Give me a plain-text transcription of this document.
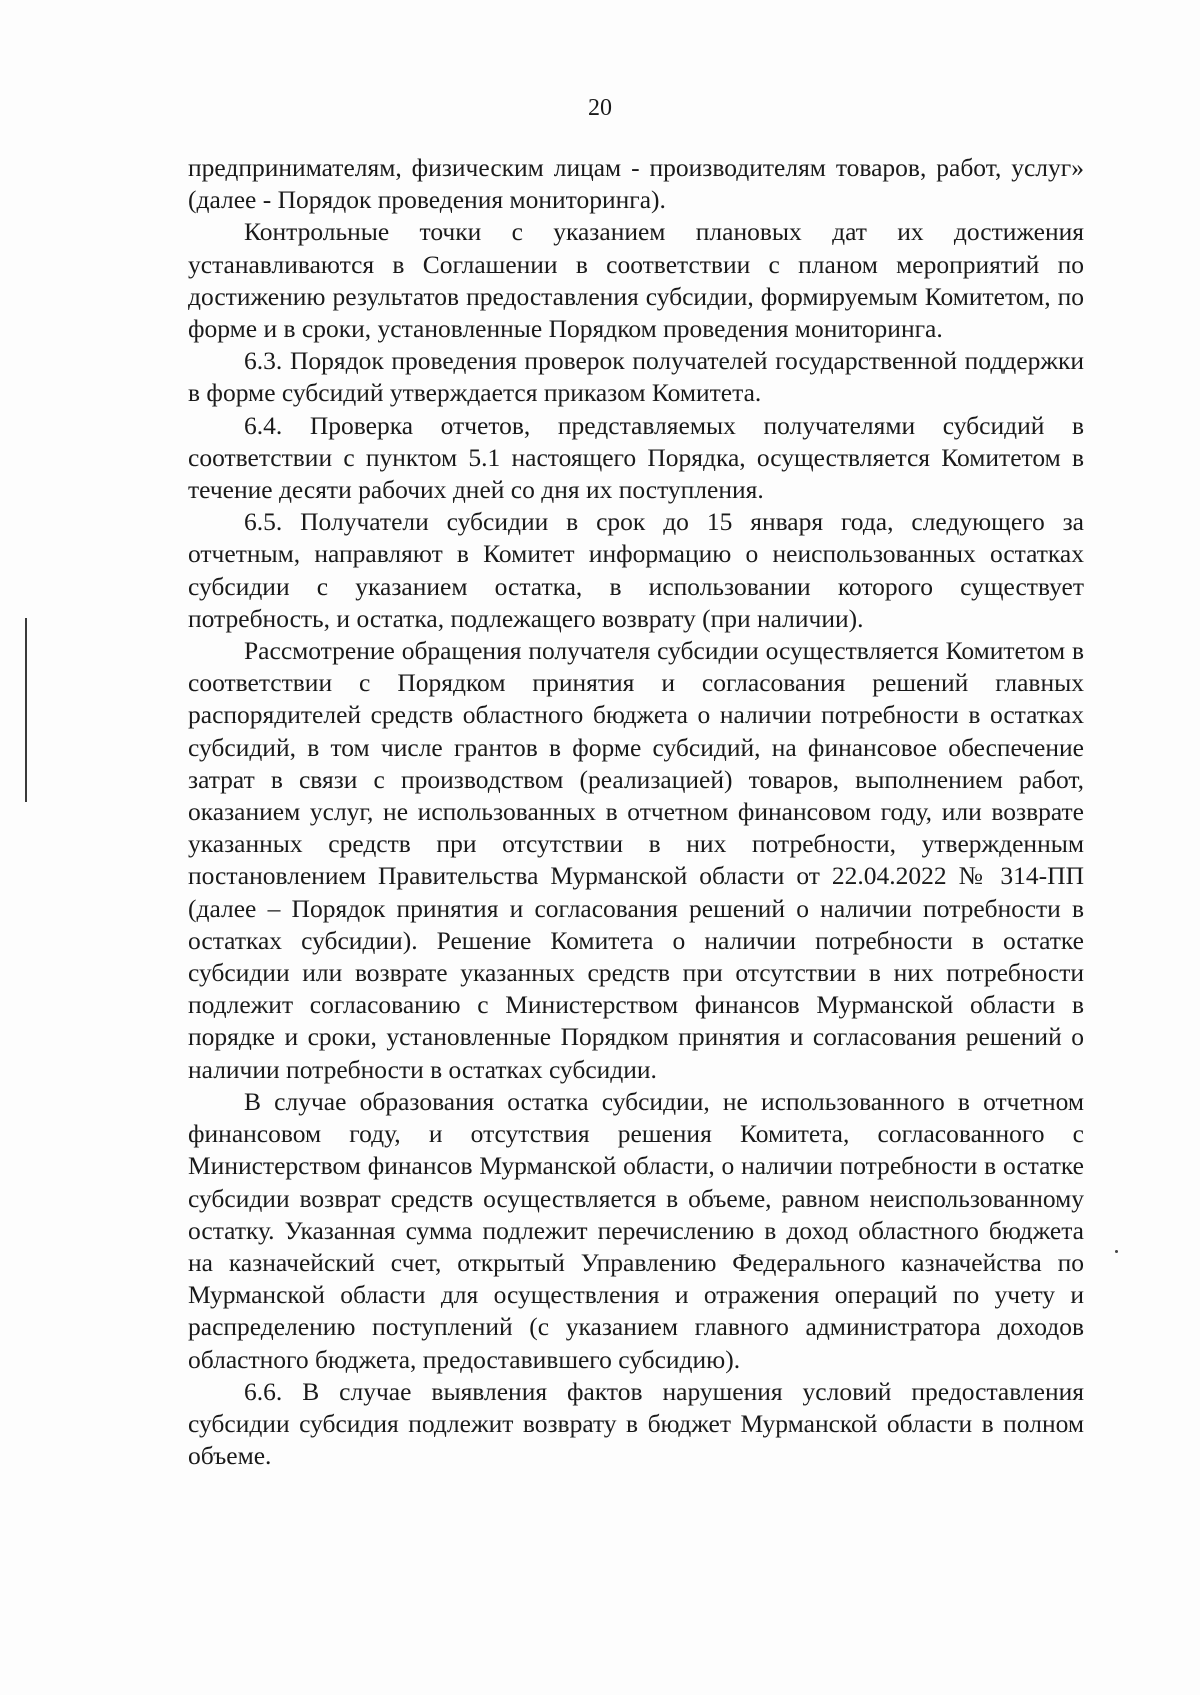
20

предпринимателям, физическим лицам - производителям товаров, работ, услуг» (далее - Порядок проведения мониторинга).

Контрольные точки с указанием плановых дат их достижения устанавливаются в Соглашении в соответствии с планом мероприятий по достижению результатов предоставления субсидии, формируемым Комитетом, по форме и в сроки, установленные Порядком проведения мониторинга.

6.3. Порядок проведения проверок получателей государственной поддержки в форме субсидий утверждается приказом Комитета.

6.4. Проверка отчетов, представляемых получателями субсидий в соответствии с пунктом 5.1 настоящего Порядка, осуществляется Комитетом в течение десяти рабочих дней со дня их поступления.

6.5. Получатели субсидии в срок до 15 января года, следующего за отчетным, направляют в Комитет информацию о неиспользованных остатках субсидии с указанием остатка, в использовании которого существует потребность, и остатка, подлежащего возврату (при наличии).

Рассмотрение обращения получателя субсидии осуществляется Комитетом в соответствии с Порядком принятия и согласования решений главных распорядителей средств областного бюджета о наличии потребности в остатках субсидий, в том числе грантов в форме субсидий, на финансовое обеспечение затрат в связи с производством (реализацией) товаров, выполнением работ, оказанием услуг, не использованных в отчетном финансовом году, или возврате указанных средств при отсутствии в них потребности, утвержденным постановлением Правительства Мурманской области от 22.04.2022 № 314-ПП (далее – Порядок принятия и согласования решений о наличии потребности в остатках субсидии). Решение Комитета о наличии потребности в остатке субсидии или возврате указанных средств при отсутствии в них потребности подлежит согласованию с Министерством финансов Мурманской области в порядке и сроки, установленные Порядком принятия и согласования решений о наличии потребности в остатках субсидии.

В случае образования остатка субсидии, не использованного в отчетном финансовом году, и отсутствия решения Комитета, согласованного с Министерством финансов Мурманской области, о наличии потребности в остатке субсидии возврат средств осуществляется в объеме, равном неиспользованному остатку. Указанная сумма подлежит перечислению в доход областного бюджета на казначейский счет, открытый Управлению Федерального казначейства по Мурманской области для осуществления и отражения операций по учету и распределению поступлений (с указанием главного администратора доходов областного бюджета, предоставившего субсидию).

6.6. В случае выявления фактов нарушения условий предоставления субсидии субсидия подлежит возврату в бюджет Мурманской области в полном объеме.
